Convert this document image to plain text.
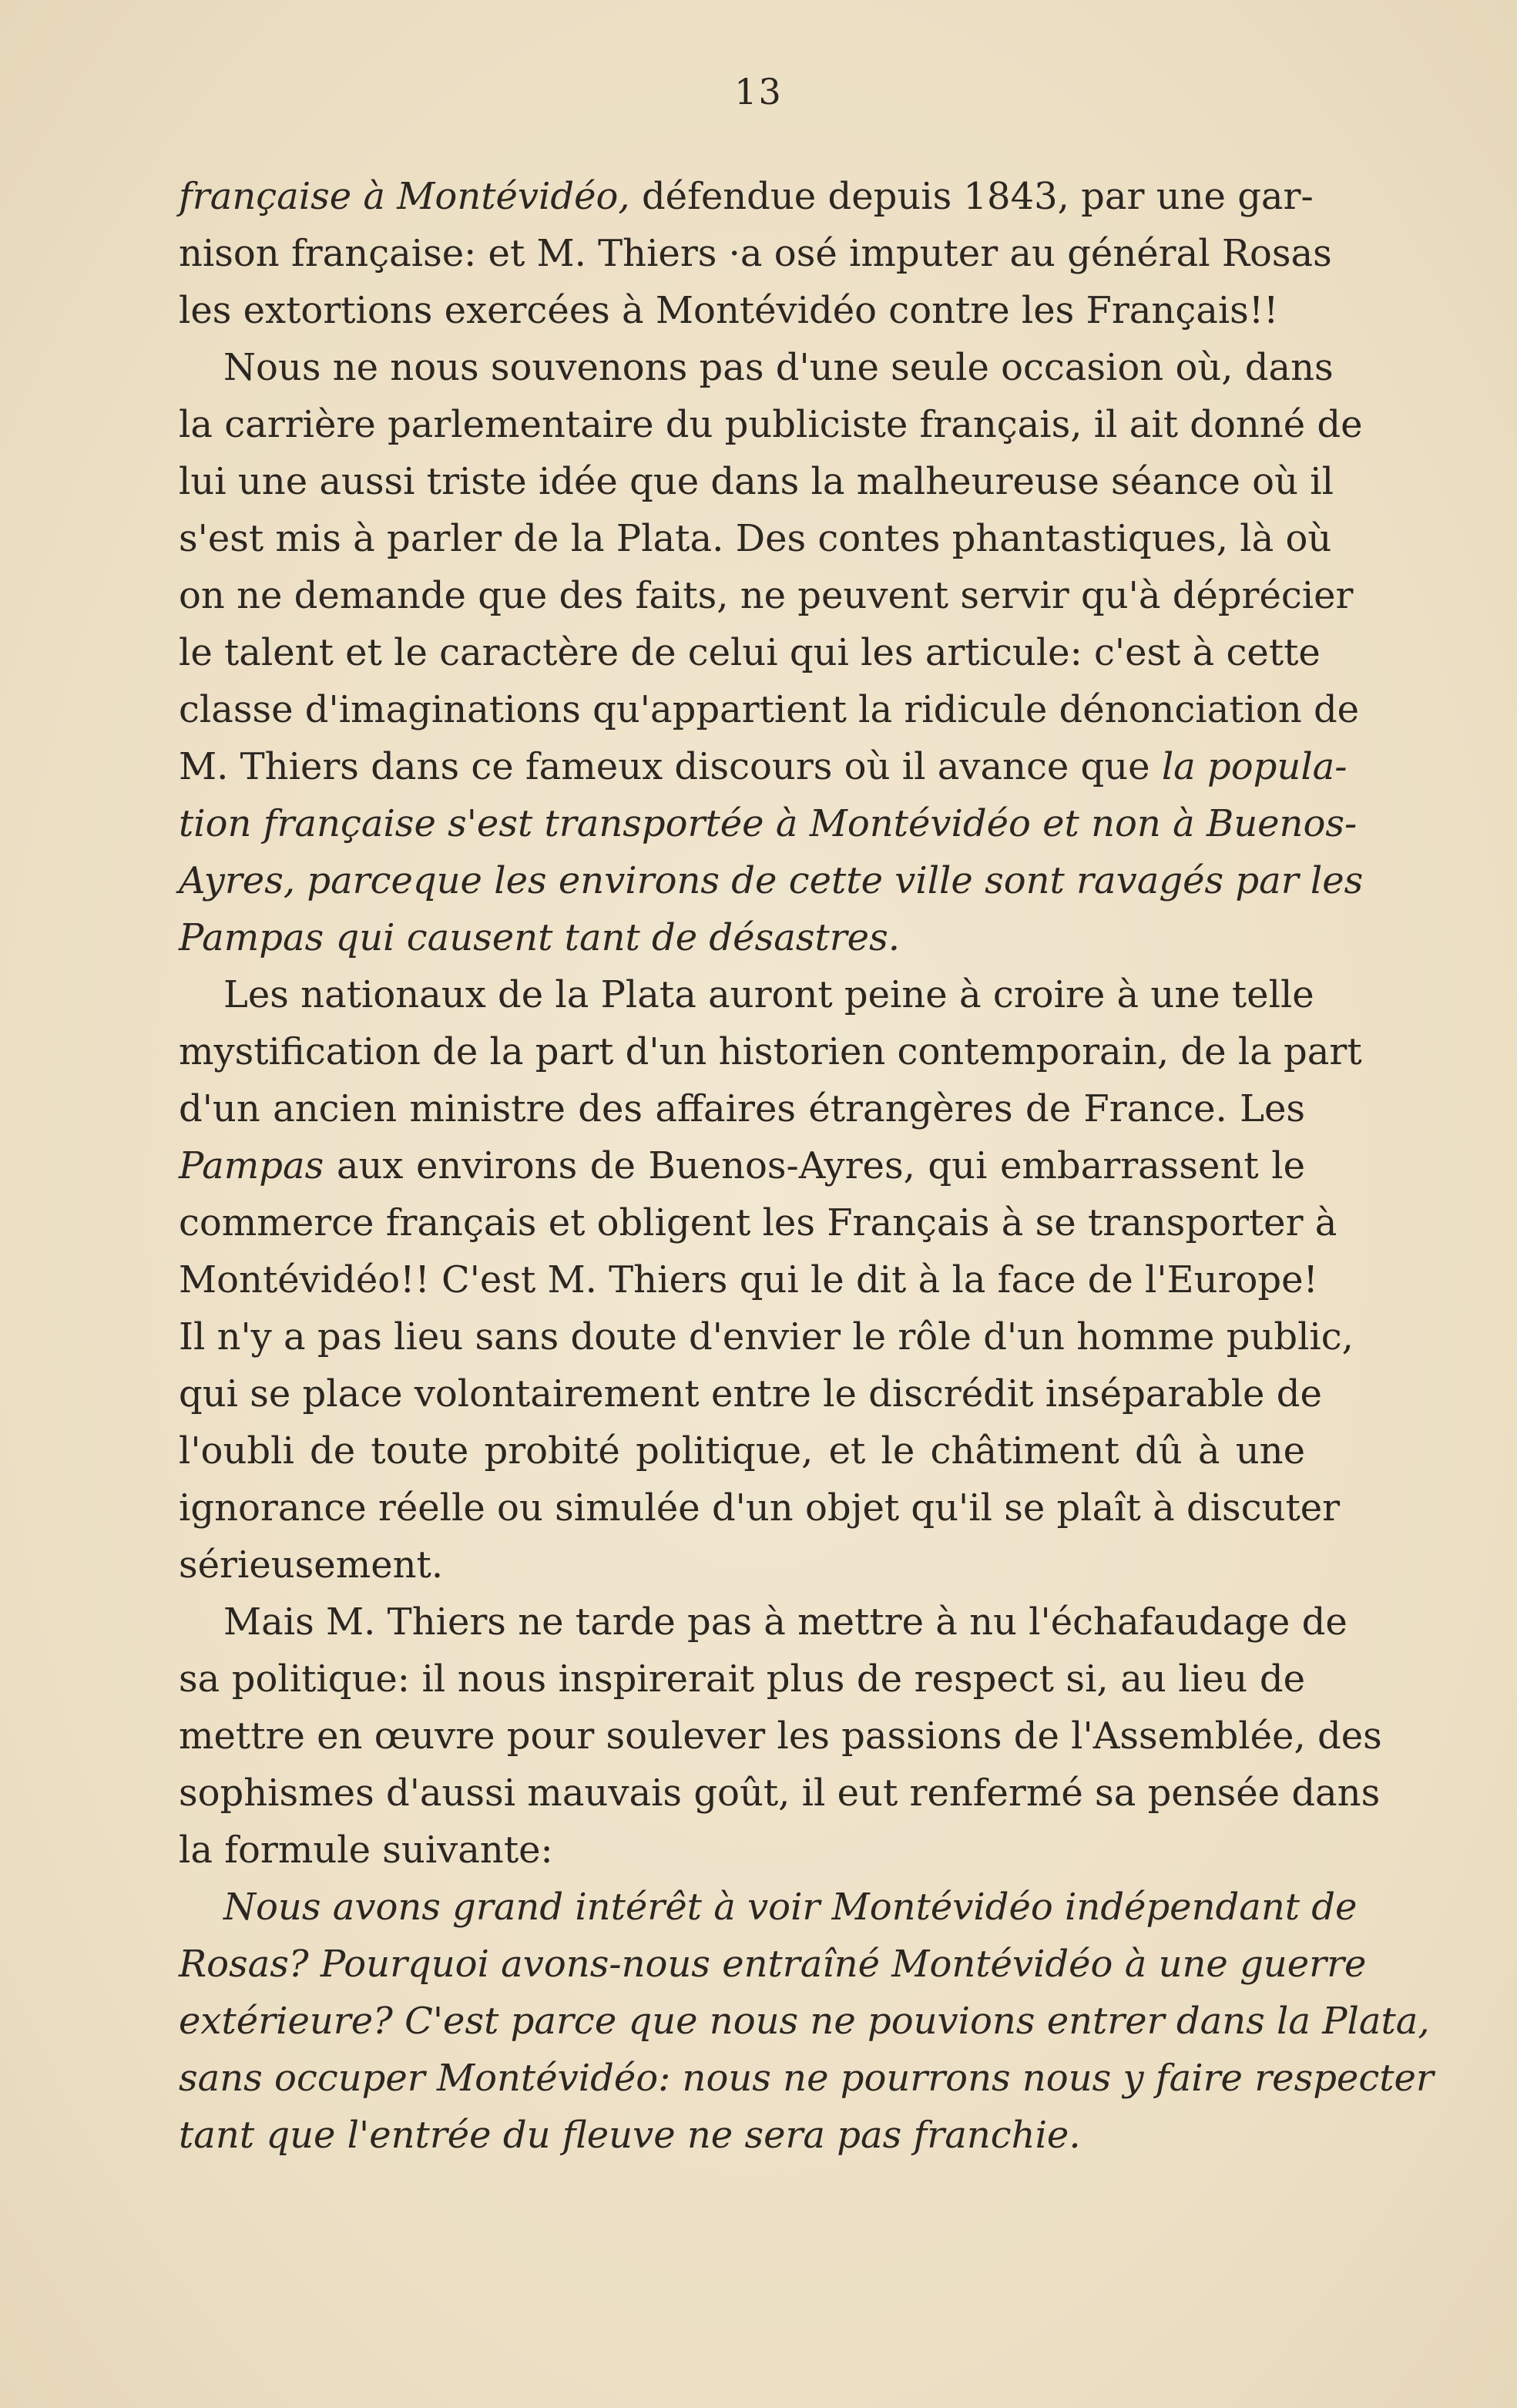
13
française à Montévidéo, défendue depuis 1843, par une gar-
nison française: et M. Thiers ·a osé imputer au général Rosas
les extortions exercées à Montévidéo contre les Français!!
Nous ne nous souvenons pas d'une seule occasion où, dans
la carrière parlementaire du publiciste français, il ait donné de
lui une aussi triste idée que dans la malheureuse séance où il
s'est mis à parler de la Plata. Des contes phantastiques, là où
on ne demande que des faits, ne peuvent servir qu'à déprécier
le talent et le caractère de celui qui les articule: c'est à cette
classe d'imaginations qu'appartient la ridicule dénonciation de
M. Thiers dans ce fameux discours où il avance que la popula-
tion française s'est transportée à Montévidéo et non à Buenos-
Ayres, parceque les environs de cette ville sont ravagés par les
Pampas qui causent tant de désastres.
Les nationaux de la Plata auront peine à croire à une telle
mystification de la part d'un historien contemporain, de la part
d'un ancien ministre des affaires étrangères de France. Les
Pampas aux environs de Buenos-Ayres, qui embarrassent le
commerce français et obligent les Français à se transporter à
Montévidéo!! C'est M. Thiers qui le dit à la face de l'Europe!
Il n'y a pas lieu sans doute d'envier le rôle d'un homme public,
qui se place volontairement entre le discrédit inséparable de
l'oubli de toute probité politique, et le châtiment dû à une
ignorance réelle ou simulée d'un objet qu'il se plaît à discuter
sérieusement.
Mais M. Thiers ne tarde pas à mettre à nu l'échafaudage de
sa politique: il nous inspirerait plus de respect si, au lieu de
mettre en œuvre pour soulever les passions de l'Assemblée, des
sophismes d'aussi mauvais goût, il eut renfermé sa pensée dans
la formule suivante:
Nous avons grand intérêt à voir Montévidéo indépendant de
Rosas? Pourquoi avons-nous entraîné Montévidéo à une guerre
extérieure? C'est parce que nous ne pouvions entrer dans la Plata,
sans occuper Montévidéo: nous ne pourrons nous y faire respecter
tant que l'entrée du fleuve ne sera pas franchie.
